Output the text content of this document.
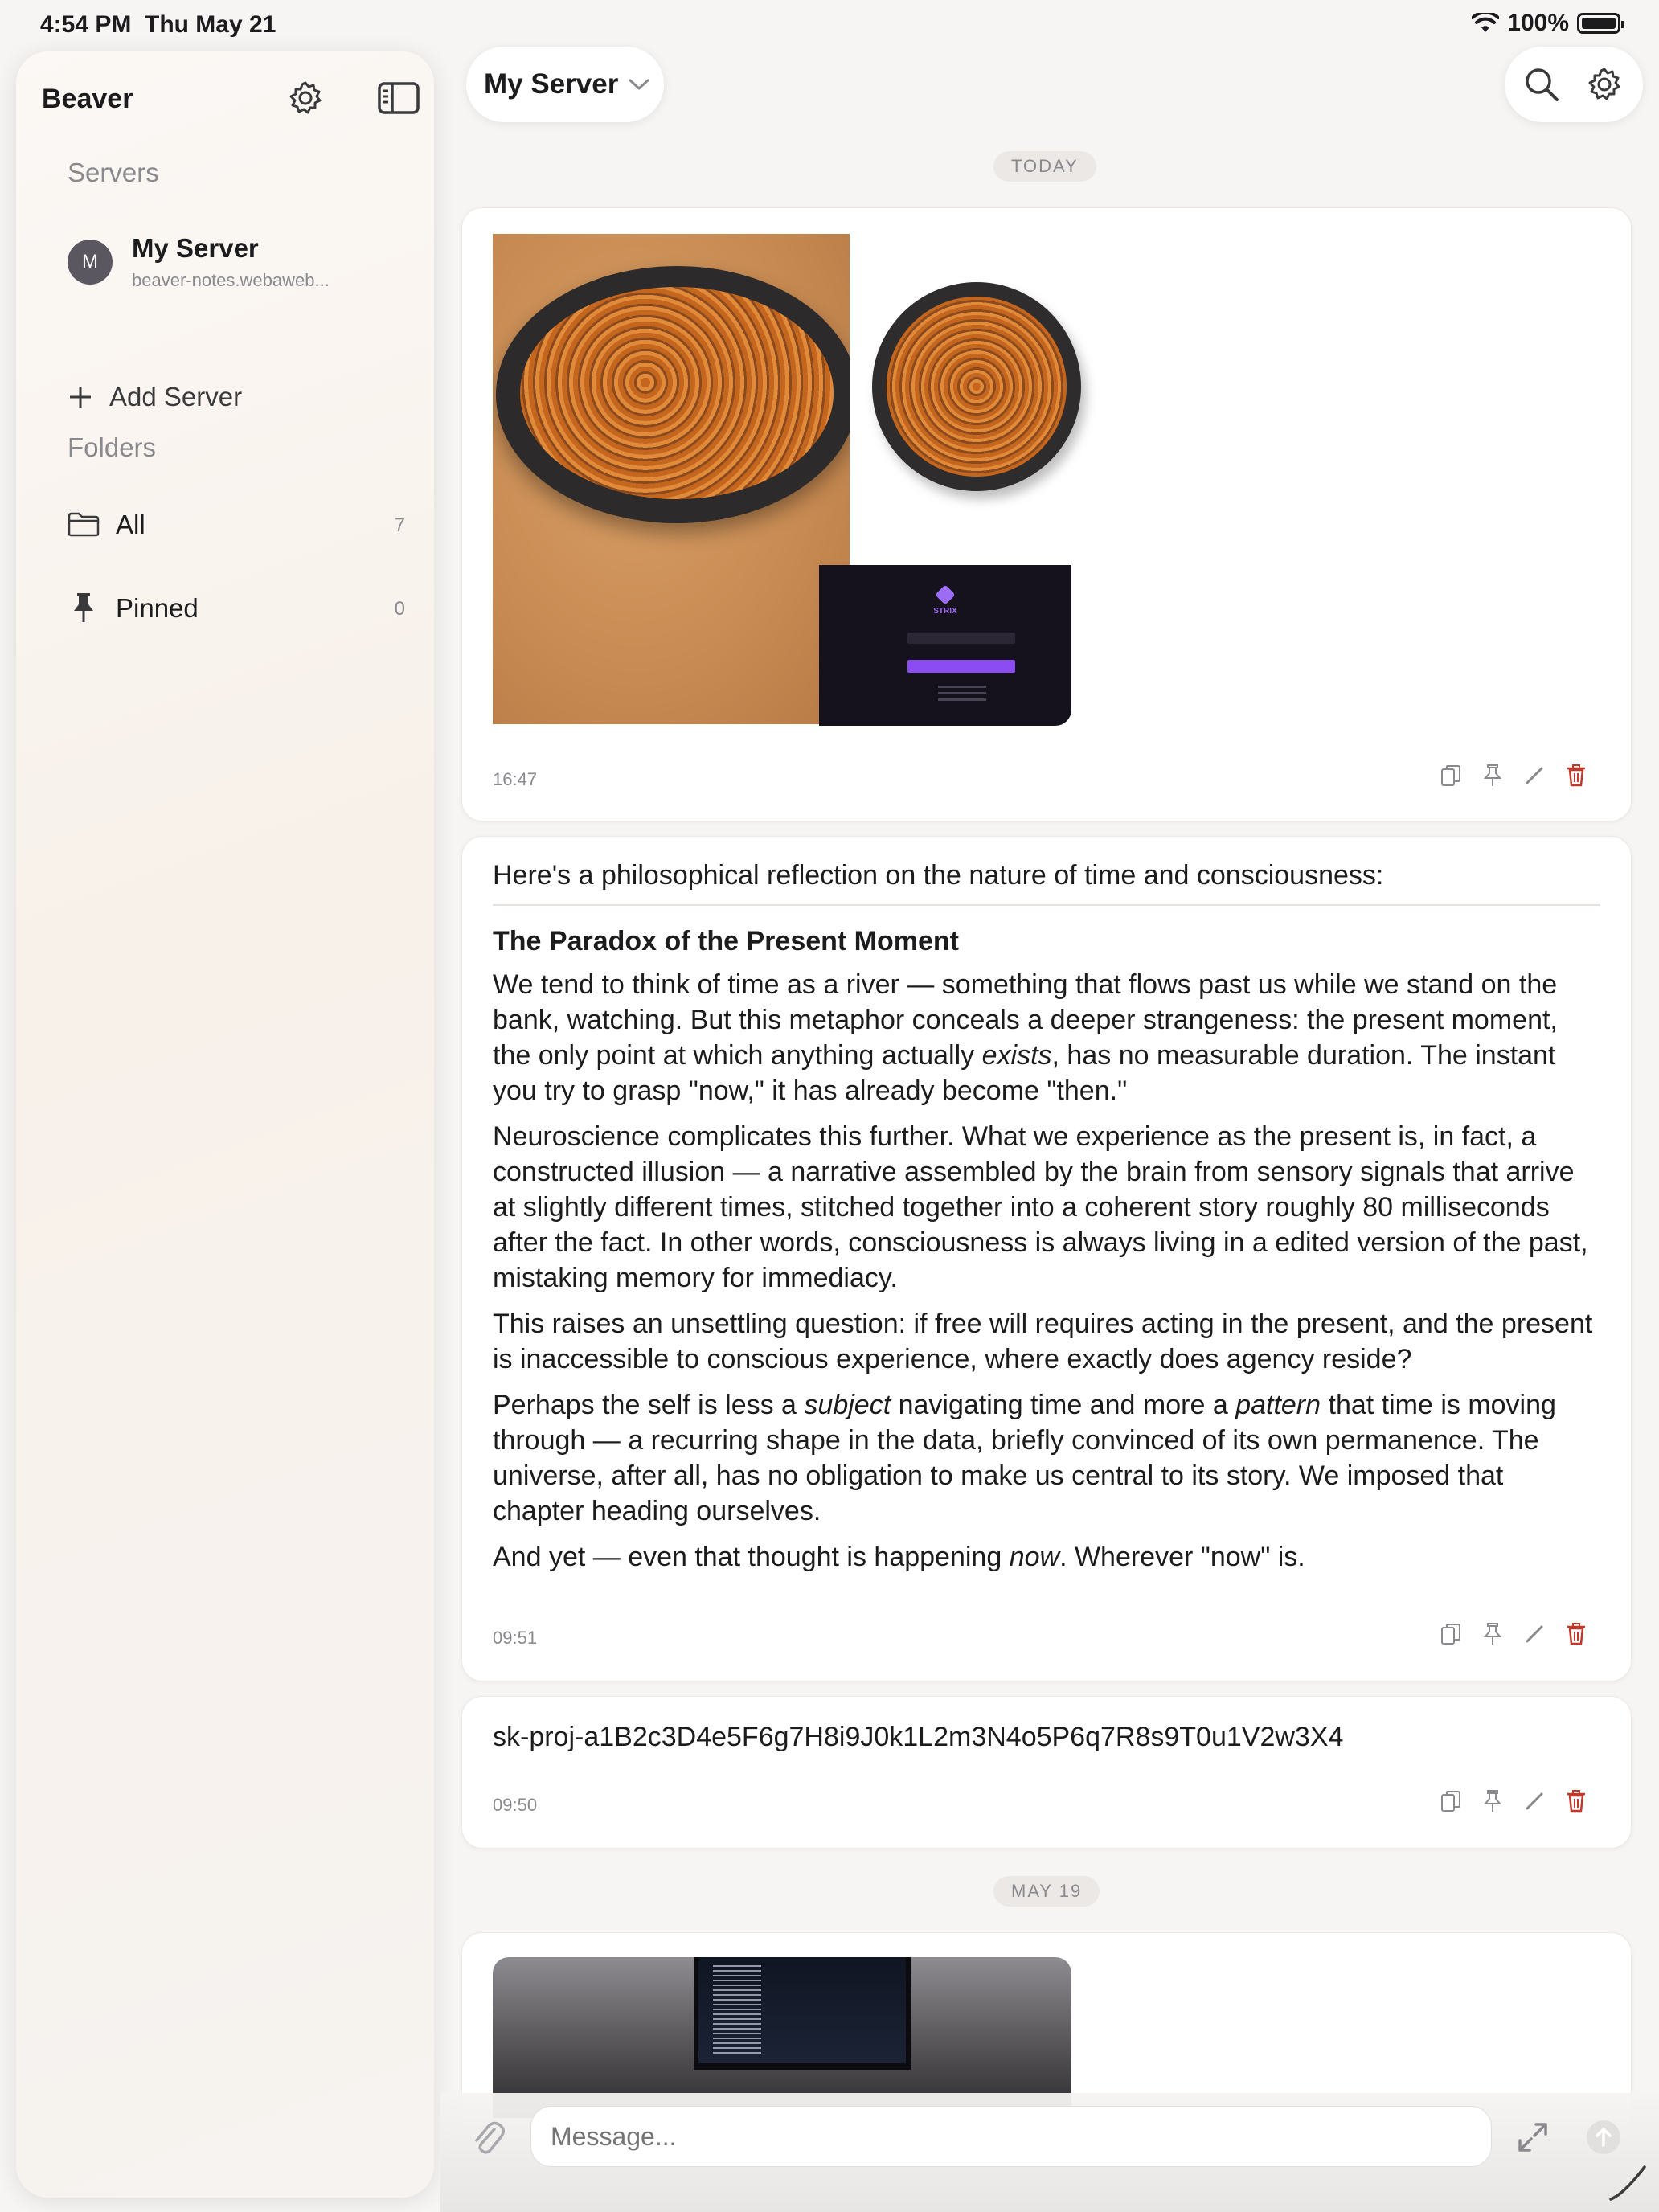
4:54 PM Thu May 21	100%
Beaver
Servers
M	My Server
beaver-notes.webaweb...
Add Server
Folders
All	7
Pinned	0
My Server
TODAY
STRIX
16:47
Here's a philosophical reflection on the nature of time and consciousness:
The Paradox of the Present Moment

We tend to think of time as a river — something that flows past us while we stand on the bank, watching. But this metaphor conceals a deeper strangeness: the present moment, the only point at which anything actually exists, has no measurable duration. The instant you try to grasp "now," it has already become "then."

Neuroscience complicates this further. What we experience as the present is, in fact, a constructed illusion — a narrative assembled by the brain from sensory signals that arrive at slightly different times, stitched together into a coherent story roughly 80 milliseconds after the fact. In other words, consciousness is always living in a edited version of the past, mistaking memory for immediacy.

This raises an unsettling question: if free will requires acting in the present, and the present is inaccessible to conscious experience, where exactly does agency reside?

Perhaps the self is less a subject navigating time and more a pattern that time is moving through — a recurring shape in the data, briefly convinced of its own permanence. The universe, after all, has no obligation to make us central to its story. We imposed that chapter heading ourselves.

And yet — even that thought is happening now. Wherever "now" is.

09:51
sk-proj-a1B2c3D4e5F6g7H8i9J0k1L2m3N4o5P6q7R8s9T0u1V2w3X4
09:50
MAY 19
Message...
